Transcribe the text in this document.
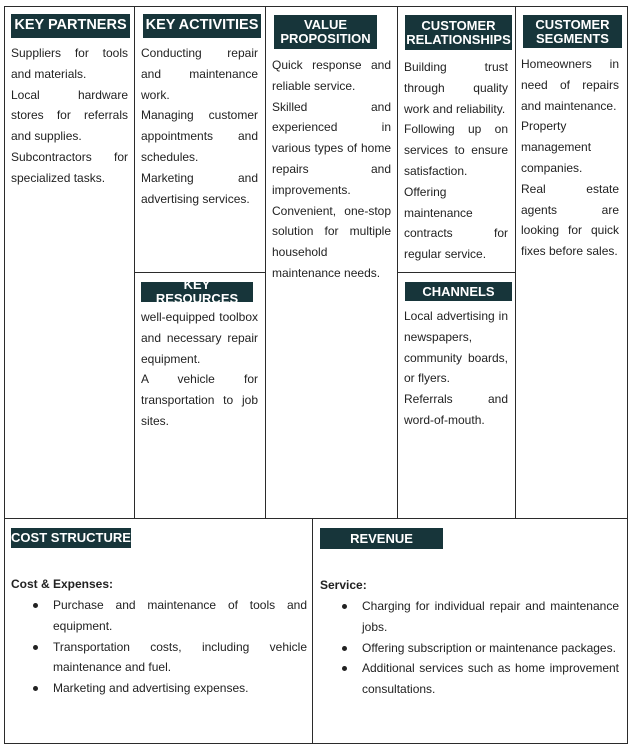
KEY PARTNERS

Suppliers for tools and materials.

Local hardware stores for referrals and supplies.

Subcontractors for specialized tasks.

KEY ACTIVITIES

Conducting repair and maintenance work.

Managing customer appointments and schedules.

Marketing and advertising services.

KEY RESOURCES

well-equipped toolbox and necessary repair equipment.

A vehicle for transportation to job sites.

VALUE
PROPOSITION

Quick response and reliable service.

Skilled and experienced in various types of home repairs and improvements.

Convenient, one-stop solution for multiple household maintenance needs.

CUSTOMER
RELATIONSHIPS

Building trust through quality work and reliability.

Following up on services to ensure satisfaction.

Offering maintenance contracts for regular service.

CHANNELS

Local advertising in newspapers, community boards, or flyers.

Referrals and word-of-mouth.

CUSTOMER
SEGMENTS

Homeowners in need of repairs and maintenance.

Property management companies.

Real estate agents are looking for quick fixes before sales.

COST STRUCTURE
Cost & Expenses:
Purchase and maintenance of tools and equipment.
Transportation costs, including vehicle maintenance and fuel.
Marketing and advertising expenses.
REVENUE
Service:
Charging for individual repair and maintenance jobs.
Offering subscription or maintenance packages.
Additional services such as home improvement consultations.
